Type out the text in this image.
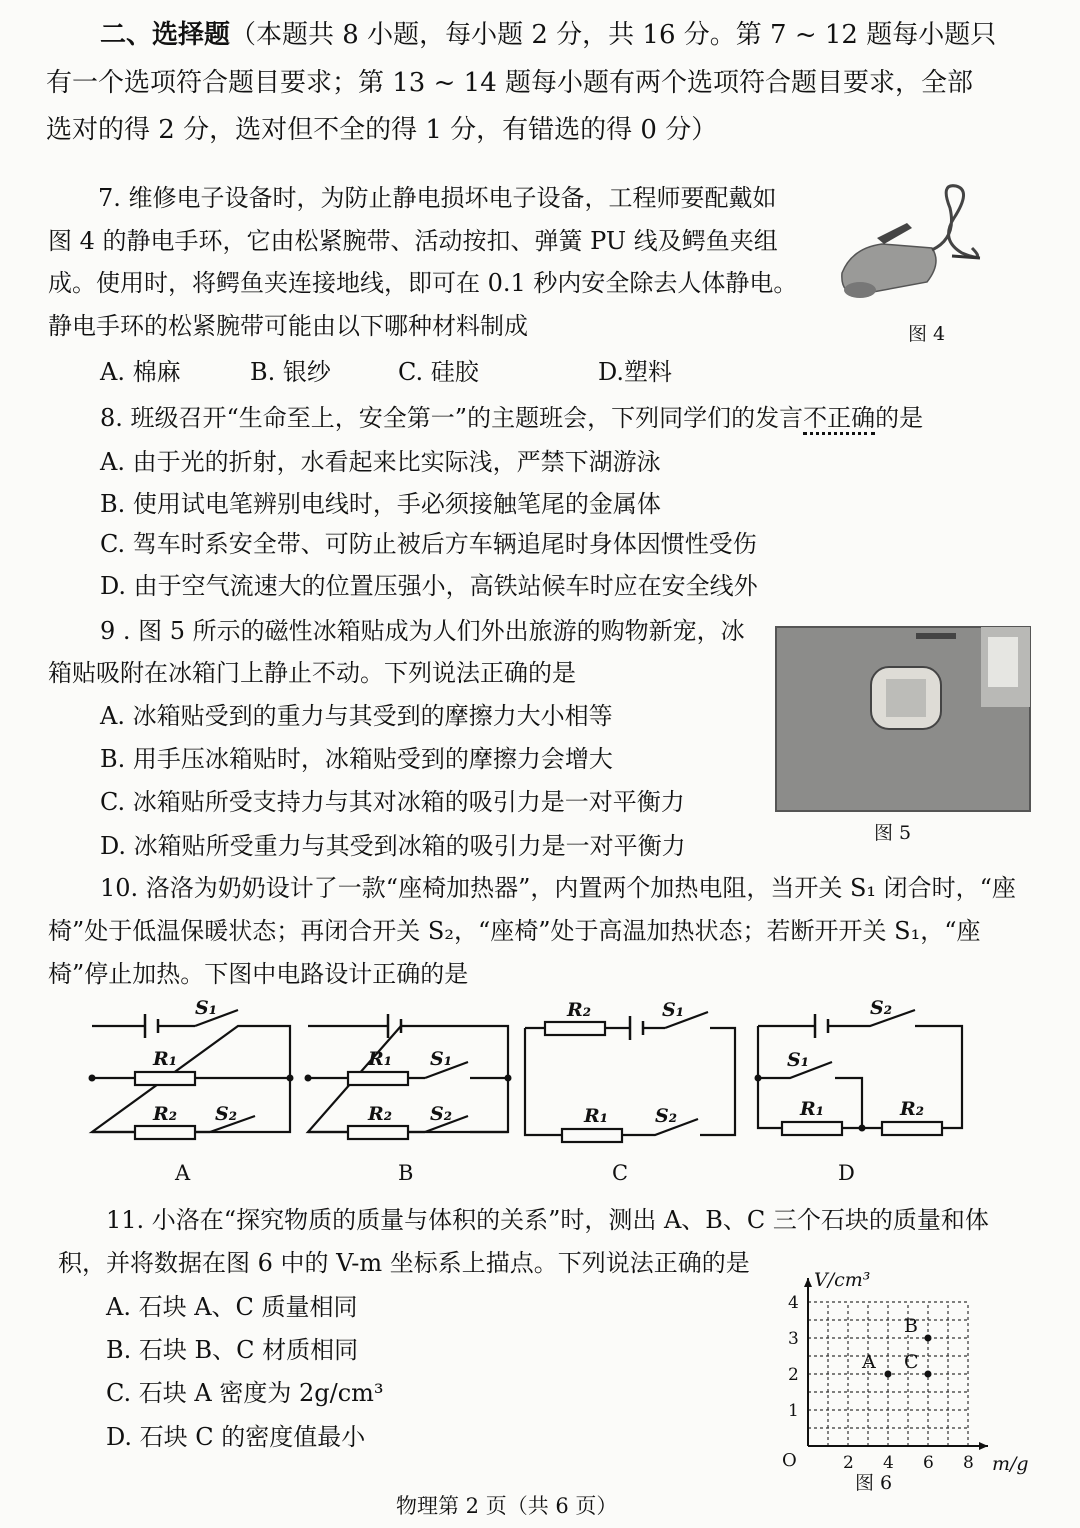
二、选择题（本题共 8 小题，每小题 2 分，共 16 分。第 7 ~ 12 题每小题只
有一个选项符合题目要求；第 13 ~ 14 题每小题有两个选项符合题目要求，全部
选对的得 2 分，选对但不全的得 1 分，有错选的得 0 分）
7. 维修电子设备时，为防止静电损坏电子设备，工程师要配戴如
图 4 的静电手环，它由松紧腕带、活动按扣、弹簧 PU 线及鳄鱼夹组
成。使用时，将鳄鱼夹连接地线，即可在 0.1 秒内安全除去人体静电。
静电手环的松紧腕带可能由以下哪种材料制成	图 4
A. 棉麻	B. 银纱	C. 硅胶	D.塑料
8. 班级召开“生命至上，安全第一”的主题班会，下列同学们的发言不正确的是
A. 由于光的折射，水看起来比实际浅，严禁下湖游泳
B. 使用试电笔辨别电线时，手必须接触笔尾的金属体
C. 驾车时系安全带、可防止被后方车辆追尾时身体因惯性受伤
D. 由于空气流速大的位置压强小，高铁站候车时应在安全线外
9 . 图 5 所示的磁性冰箱贴成为人们外出旅游的购物新宠，冰
箱贴吸附在冰箱门上静止不动。下列说法正确的是
A. 冰箱贴受到的重力与其受到的摩擦力大小相等
B. 用手压冰箱贴时，冰箱贴受到的摩擦力会增大
C. 冰箱贴所受支持力与其对冰箱的吸引力是一对平衡力
D. 冰箱贴所受重力与其受到冰箱的吸引力是一对平衡力	图 5
10. 洛洛为奶奶设计了一款“座椅加热器”，内置两个加热电阻，当开关 S₁ 闭合时，“座
椅”处于低温保暖状态；再闭合开关 S₂，“座椅”处于高温加热状态；若断开开关 S₁，“座
椅”停止加热。下图中电路设计正确的是
S₁
R₁
R₂ S₂
R₁ S₁
R₂ S₂
R₂	S₁
R₁ S₂
S₂
S₁
R₁	R₂
A	B	C	D
11. 小洛在“探究物质的质量与体积的关系”时，测出 A、B、C 三个石块的质量和体
积，并将数据在图 6 中的 V-m 坐标系上描点。下列说法正确的是
A. 石块 A、C 质量相同
B. 石块 B、C 材质相同
C. 石块 A 密度为 2g/cm³
D. 石块 C 的密度值最小
2 4 6 8
1
2
3
4
A
B
C
V/cm³
m/g
O
图 6
物理第 2 页（共 6 页）
